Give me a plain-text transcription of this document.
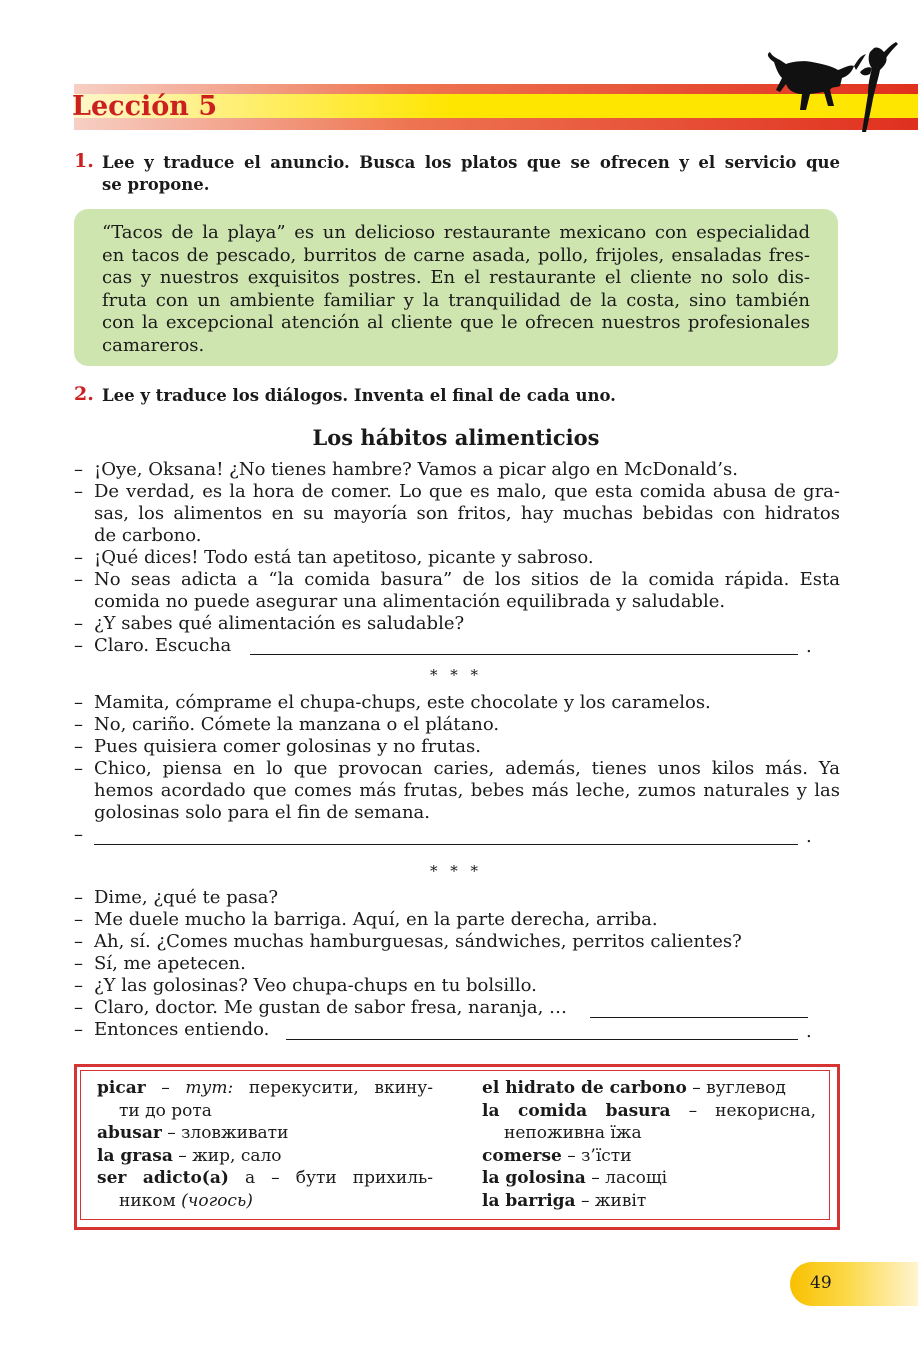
Lección 5
1. Lee y traduce el anuncio. Busca los platos que se ofrecen y el servicio que
se propone.
“Tacos de la playa” es un delicioso restaurante mexicano con especialidad
en tacos de pescado, burritos de carne asada, pollo, frijoles, ensaladas fres-
cas y nuestros exquisitos postres. En el restaurante el cliente no solo dis-
fruta con un ambiente familiar y la tranquilidad de la costa, sino también
con la excepcional atención al cliente que le ofrecen nuestros profesionales
camareros.
2. Lee y traduce los diálogos. Inventa el final de cada uno.
Los hábitos alimenticios
– ¡Oye, Oksana! ¿No tienes hambre? Vamos a picar algo en McDonald’s.
– De verdad, es la hora de comer. Lo que es malo, que esta comida abusa de gra-
sas, los alimentos en su mayoría son fritos, hay muchas bebidas con hidratos
de carbono.
– ¡Qué dices! Todo está tan apetitoso, picante y sabroso.
– No seas adicta a “la comida basura” de los sitios de la comida rápida. Esta
comida no puede asegurar una alimentación equilibrada y saludable.
– ¿Y sabes qué alimentación es saludable?
– Claro. Escucha	.
* * *
– Mamita, cómprame el chupa-chups, este chocolate y los caramelos.
– No, cariño. Cómete la manzana o el plátano.
– Pues quisiera comer golosinas y no frutas.
– Chico, piensa en lo que provocan caries, además, tienes unos kilos más. Ya
hemos acordado que comes más frutas, bebes más leche, zumos naturales y las
golosinas solo para el fin de semana.
–	.
* * *
– Dime, ¿qué te pasa?
– Me duele mucho la barriga. Aquí, en la parte derecha, arriba.
– Ah, sí. ¿Comes muchas hamburguesas, sándwiches, perritos calientes?
– Sí, me apetecen.
– ¿Y las golosinas? Veo chupa-chups en tu bolsillo.
– Claro, doctor. Me gustan de sabor fresa, naranja, …
– Entonces entiendo.	.
picar – тут: перекусити, вкину-
ти до рота
abusar – зловживати
la grasa – жир, сало
ser adicto(a) а – бути прихиль-
ником (чогось)
el hidrato de carbono – вуглевод
la comida basura – некорисна,
непоживна їжа
comerse – з’їсти
la golosina – ласощі
la barriga – живіт
49
